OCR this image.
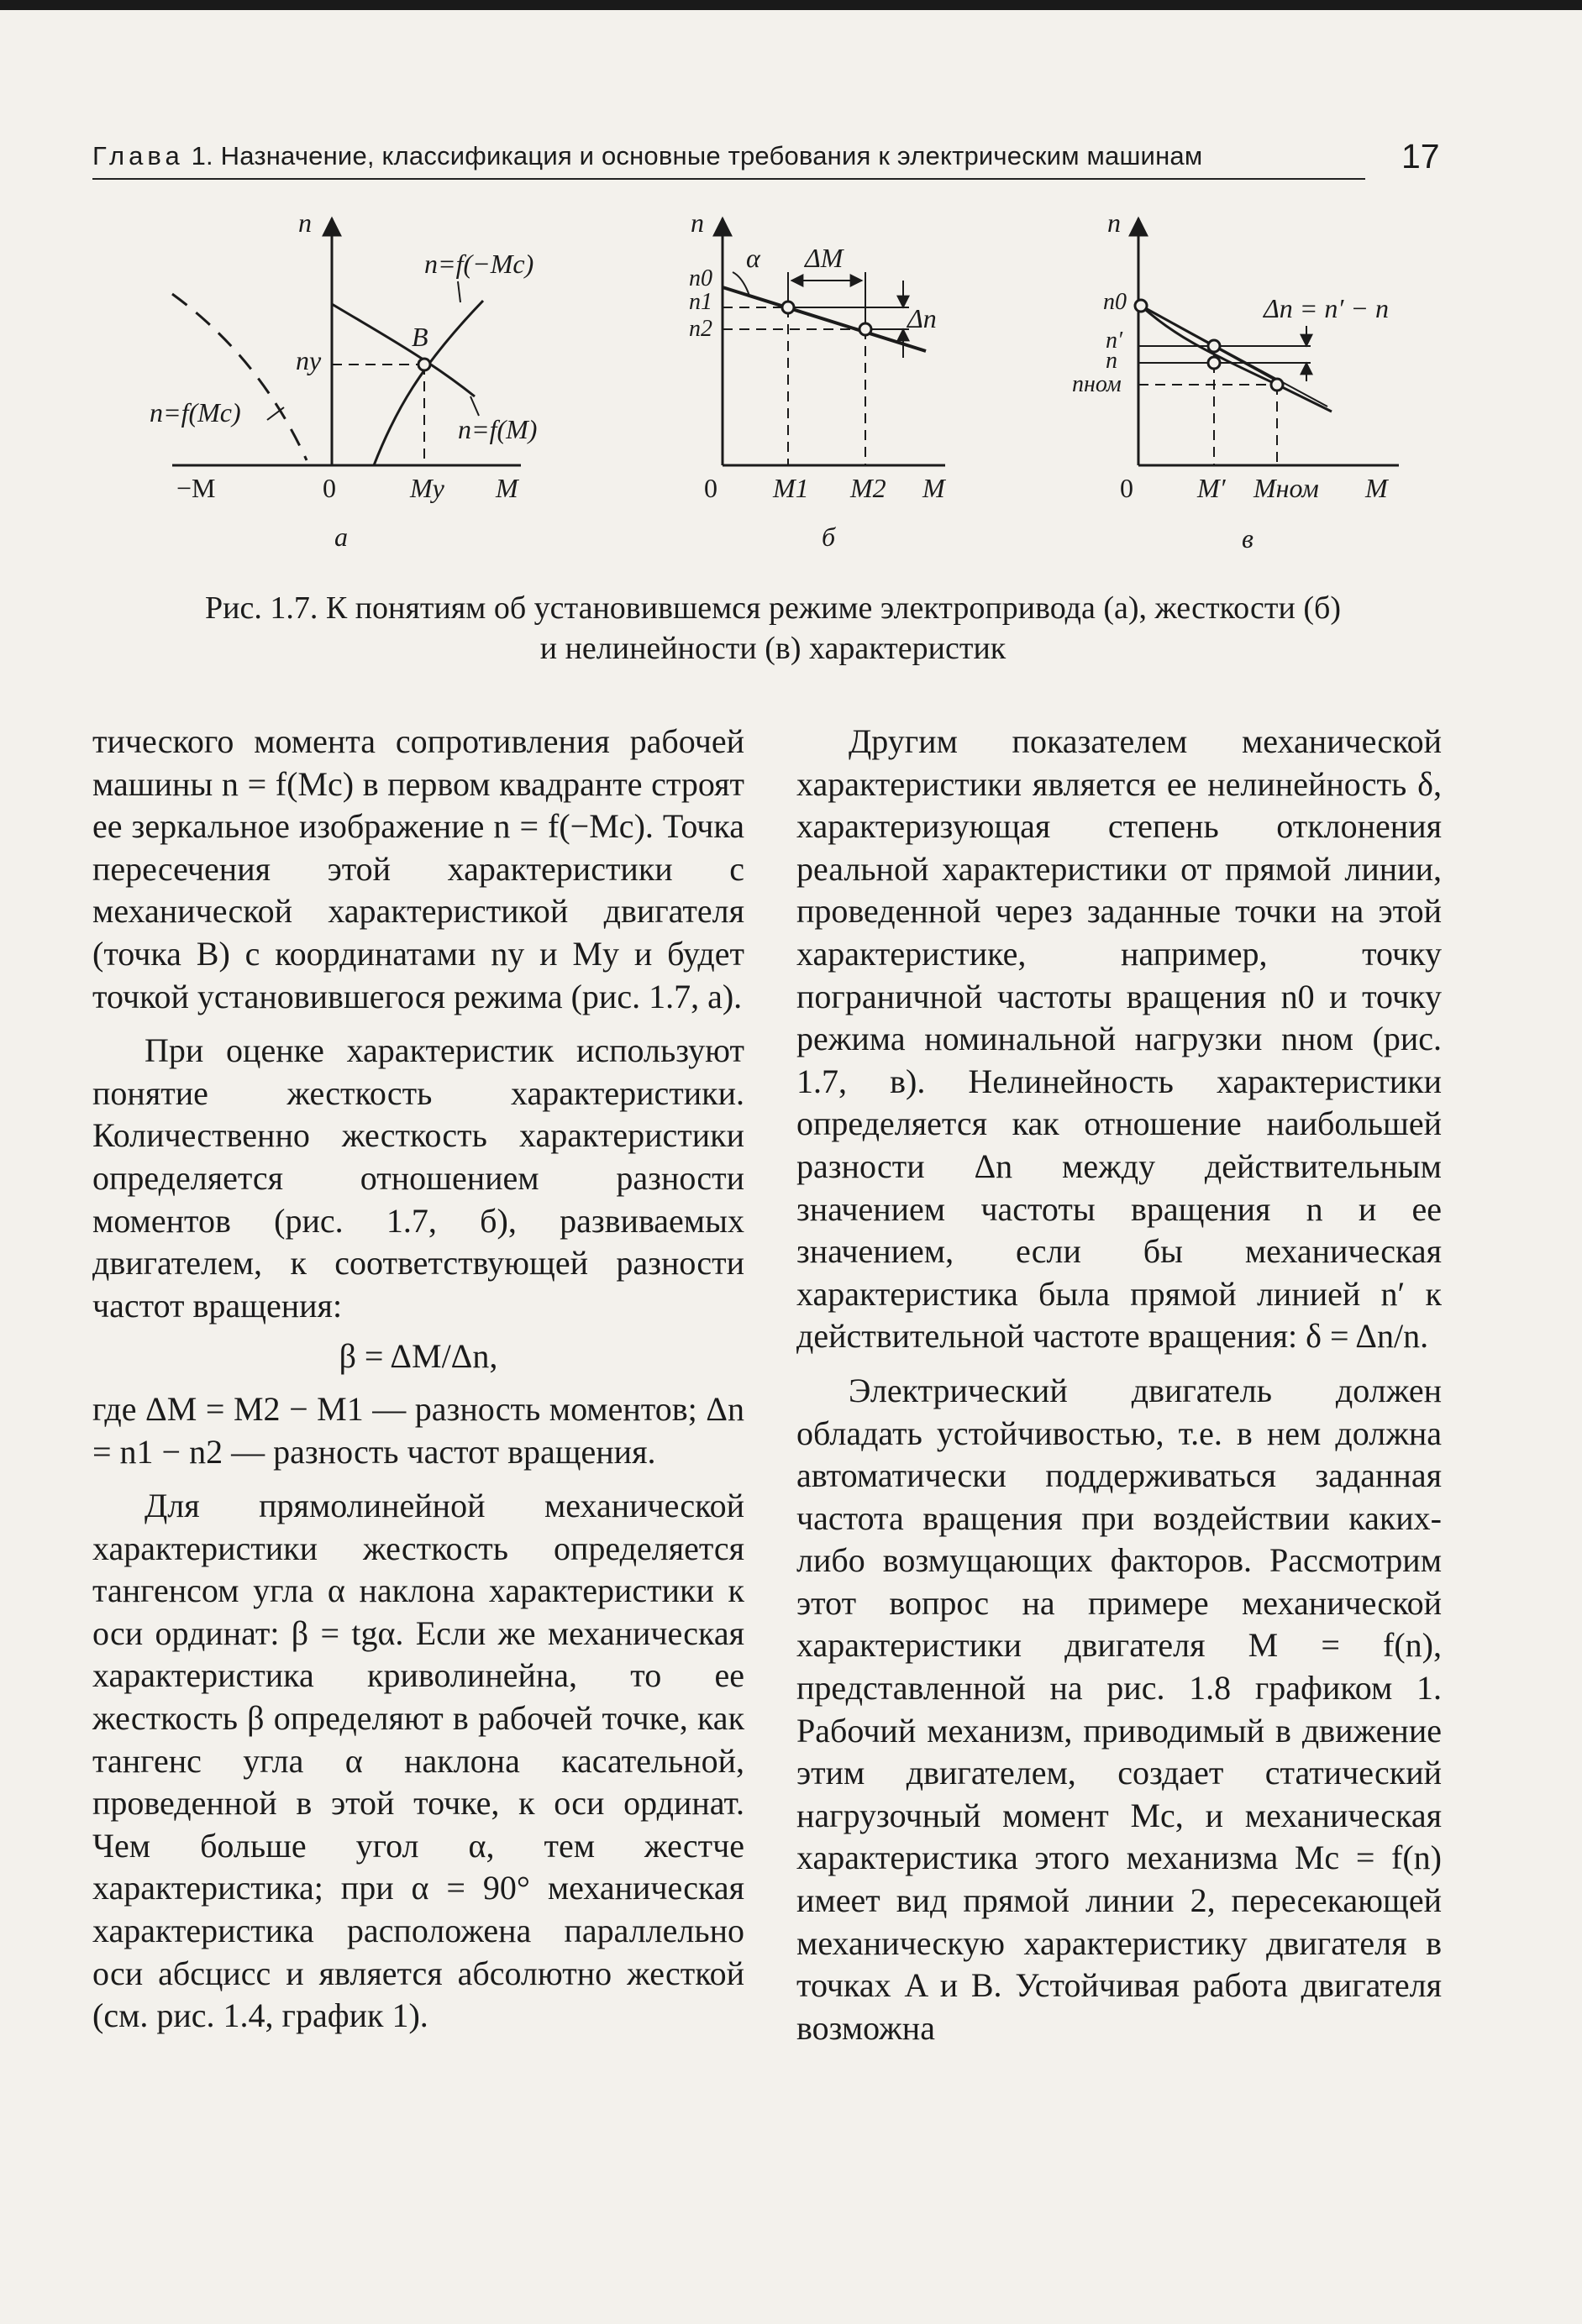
Глава 1. Назначение, классификация и основные требования к электрическим машинам	17
n
M
−M	0
n=f(−Mc)
n=f(Mc)
n=f(M)
B
nу
Mу
а
n
M
0
α ΔM
Δn
n0
n1
n2
M1 M2
б
n
M
0
Δn = n′ − n
n0
n′
n
nном
M′ Mном
в
Рис. 1.7. К понятиям об установившемся режиме электропривода (а), жесткости (б)
и нелинейности (в) характеристик

тического момента сопротивления рабочей машины n = f(Mс) в первом квадранте строят ее зеркальное изображение n = f(−Mс). Точка пересечения этой характеристики с механической характеристикой двигателя (точка B) с координатами nу и Mу и будет точкой установившегося режима (рис. 1.7, а).

При оценке характеристик используют понятие жесткость характеристики. Количественно жесткость характеристики определяется отношением разности моментов (рис. 1.7, б), развиваемых двигателем, к соответствующей разности частот вращения:

β = ΔM/Δn,

где ΔM = M2 − M1 — разность моментов; Δn = n1 − n2 — разность частот вращения.

Для прямолинейной механической характеристики жесткость определяется тангенсом угла α наклона характеристики к оси ординат: β = tgα. Если же механическая характеристика криволинейна, то ее жесткость β определяют в рабочей точке, как тангенс угла α наклона касательной, проведенной в этой точке, к оси ординат. Чем больше угол α, тем жестче характеристика; при α = 90° механическая характеристика расположена параллельно оси абсцисс и является абсолютно жесткой (см. рис. 1.4, график 1).

Другим показателем механической характеристики является ее нелинейность δ, характеризующая степень отклонения реальной характеристики от прямой линии, проведенной через заданные точки на этой характеристике, например, точку пограничной частоты вращения n0 и точку режима номинальной нагрузки nном (рис. 1.7, в). Нелинейность характеристики определяется как отношение наибольшей разности Δn между действительным значением частоты вращения n и ее значением, если бы механическая характеристика была прямой линией n′ к действительной частоте вращения: δ = Δn/n.

Электрический двигатель должен обладать устойчивостью, т.е. в нем должна автоматически поддерживаться заданная частота вращения при воздействии каких-либо возмущающих факторов. Рассмотрим этот вопрос на примере механической характеристики двигателя M = f(n), представленной на рис. 1.8 графиком 1. Рабочий механизм, приводимый в движение этим двигателем, создает статический нагрузочный момент Mс, и механическая характеристика этого механизма Mс = f(n) имеет вид прямой линии 2, пересекающей механическую характеристику двигателя в точках A и B. Устойчивая работа двигателя возможна
